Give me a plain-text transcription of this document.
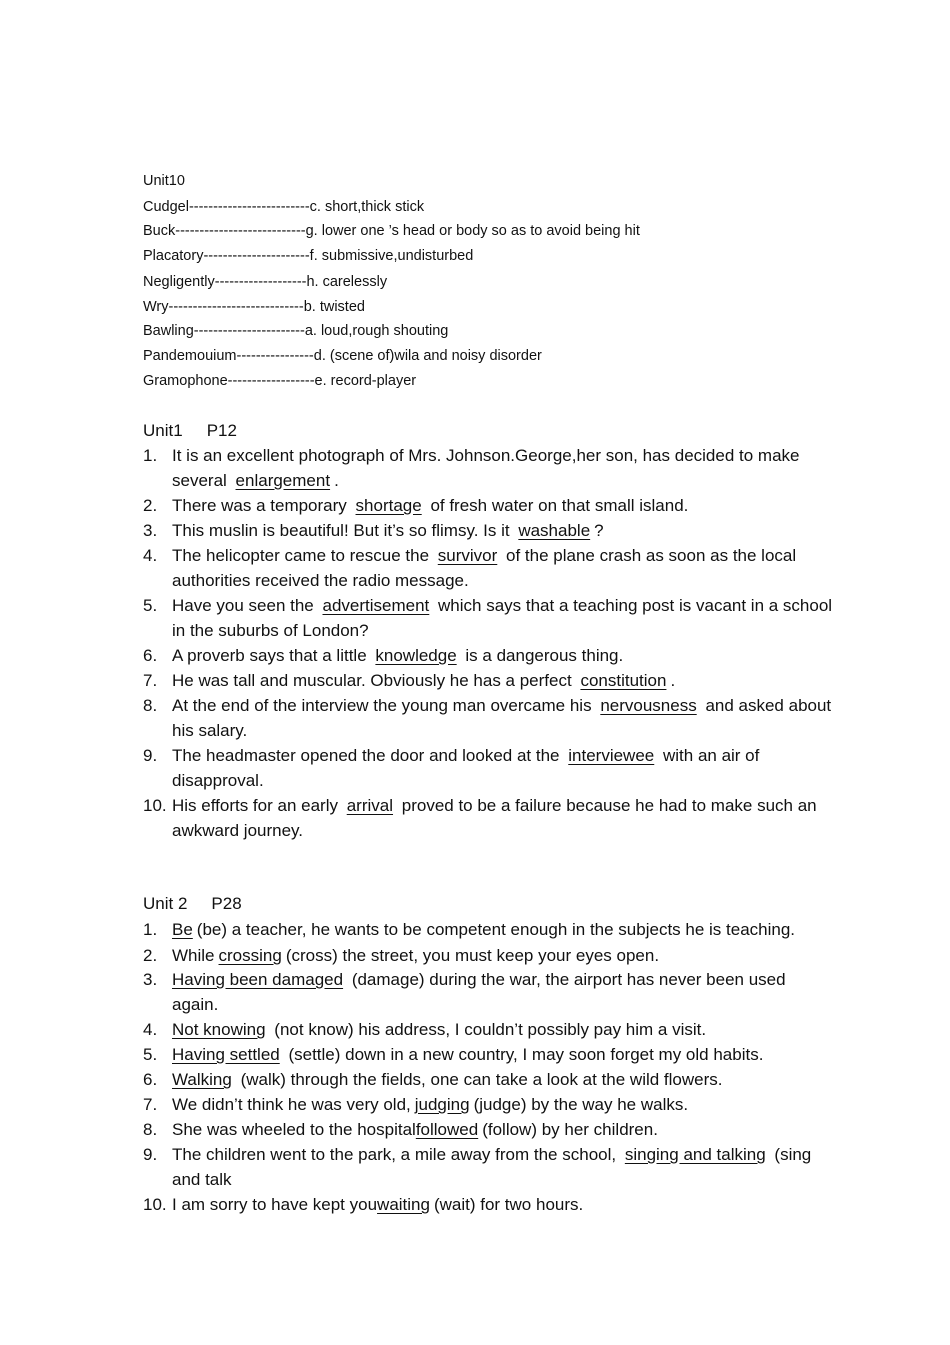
Unit10
Cudgel-------------------------c. short,thick stick
Buck---------------------------g. lower one ’s head or body so as to avoid being hit
Placatory----------------------f. submissive,undisturbed
Negligently-------------------h. carelessly
Wry----------------------------b. twisted
Bawling-----------------------a. loud,rough shouting
Pandemouium----------------d. (scene of)wila and noisy disorder
Gramophone------------------e. record-player
Unit1 P12
1. It is an excellent photograph of Mrs. Johnson.George,her son, has decided to make several enlargement .
2. There was a temporary shortage of fresh water on that small island.
3. This muslin is beautiful! But it’s so flimsy. Is it washable ?
4. The helicopter came to rescue the survivor of the plane crash as soon as the local authorities received the radio message.
5. Have you seen the advertisement which says that a teaching post is vacant in a school in the suburbs of London?
6. A proverb says that a little knowledge is a dangerous thing.
7. He was tall and muscular. Obviously he has a perfect constitution .
8. At the end of the interview the young man overcame his nervousness and asked about his salary.
9. The headmaster opened the door and looked at the interviewee with an air of disapproval.
10. His efforts for an early arrival proved to be a failure because he had to make such an awkward journey.
Unit 2 P28
1. Be (be) a teacher, he wants to be competent enough in the subjects he is teaching.
2. While crossing (cross) the street, you must keep your eyes open.
3. Having been damaged (damage) during the war, the airport has never been used again.
4. Not knowing (not know) his address, I couldn’t possibly pay him a visit.
5. Having settled (settle) down in a new country, I may soon forget my old habits.
6. Walking (walk) through the fields, one can take a look at the wild flowers.
7. We didn’t think he was very old, judging (judge) by the way he walks.
8. She was wheeled to the hospitalfollowed (follow) by her children.
9. The children went to the park, a mile away from the school, singing and talking (sing and talk
10. I am sorry to have kept youwaiting (wait) for two hours.
